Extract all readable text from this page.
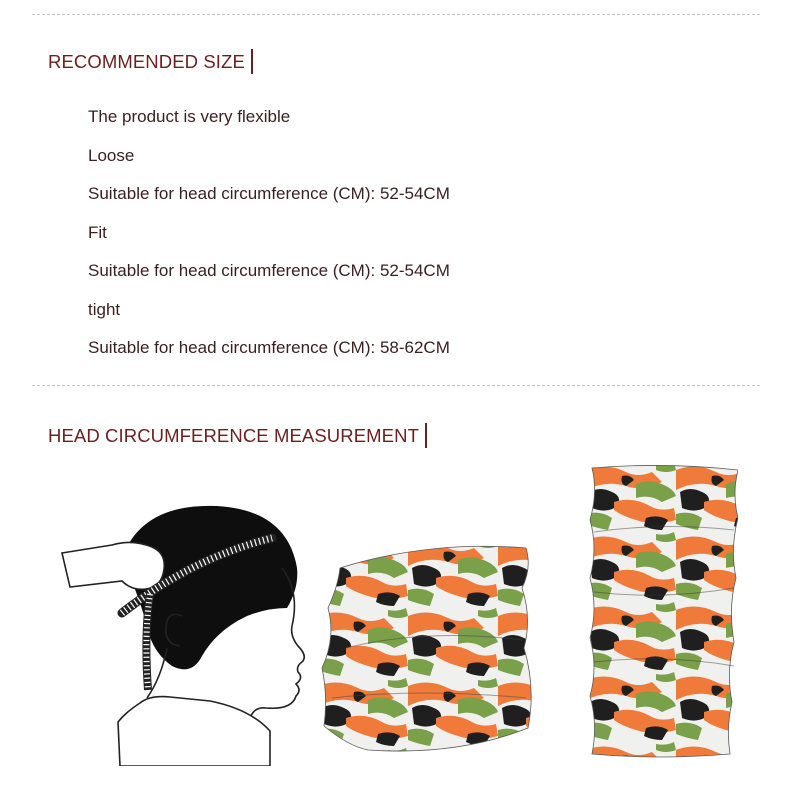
RECOMMENDED SIZE
The product is very flexible
Loose
Suitable for head circumference (CM): 52-54CM
Fit
Suitable for head circumference (CM): 52-54CM
tight
Suitable for head circumference (CM): 58-62CM
HEAD CIRCUMFERENCE MEASUREMENT
